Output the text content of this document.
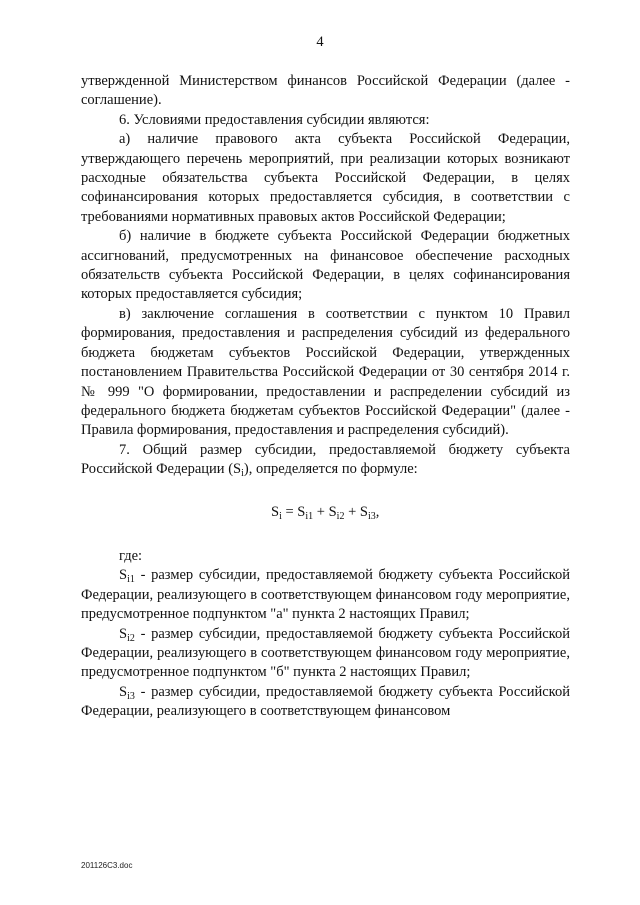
4

утвержденной Министерством финансов Российской Федерации (далее - соглашение).

6. Условиями предоставления субсидии являются:

а) наличие правового акта субъекта Российской Федерации, утверждающего перечень мероприятий, при реализации которых возникают расходные обязательства субъекта Российской Федерации, в целях софинансирования которых предоставляется субсидия, в соответствии с требованиями нормативных правовых актов Российской Федерации;

б) наличие в бюджете субъекта Российской Федерации бюджетных ассигнований, предусмотренных на финансовое обеспечение расходных обязательств субъекта Российской Федерации, в целях софинансирования которых предоставляется субсидия;

в) заключение соглашения в соответствии с пунктом 10 Правил формирования, предоставления и распределения субсидий из федерального бюджета бюджетам субъектов Российской Федерации, утвержденных постановлением Правительства Российской Федерации от 30 сентября 2014 г. № 999 "О формировании, предоставлении и распределении субсидий из федерального бюджета бюджетам субъектов Российской Федерации" (далее - Правила формирования, предоставления и распределения субсидий).

7. Общий размер субсидии, предоставляемой бюджету субъекта Российской Федерации $(S_i)$, определяется по формуле:

$S_i = S_{i1} + S_{i2} + S_{i3}$,

где:

$S_{i1}$ - размер субсидии, предоставляемой бюджету субъекта Российской Федерации, реализующего в соответствующем финансовом году мероприятие, предусмотренное подпунктом "а" пункта 2 настоящих Правил;

$S_{i2}$ - размер субсидии, предоставляемой бюджету субъекта Российской Федерации, реализующего в соответствующем финансовом году мероприятие, предусмотренное подпунктом "б" пункта 2 настоящих Правил;

$S_{i3}$ - размер субсидии, предоставляемой бюджету субъекта Российской Федерации, реализующего в соответствующем финансовом

201126C3.doc
